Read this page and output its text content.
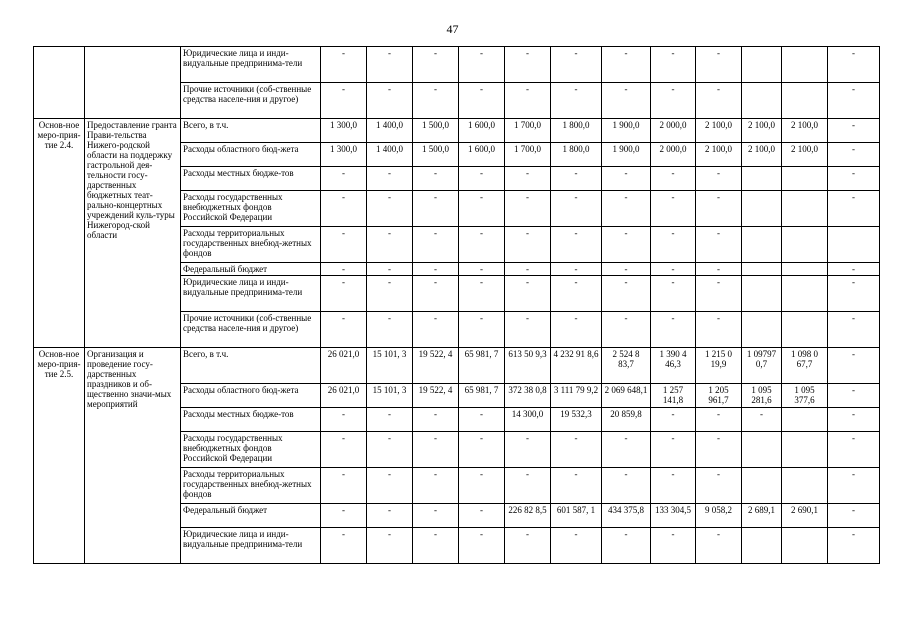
47
		Юридические лица и инди-видуальные предпринима-тели	-	-	-	-	-	-	-	-	-			-
		Прочие источники (соб-ственные средства населе-ния и другое)	-	-	-	-	-	-	-	-	-			-
Основ-ное меро-прия-тие 2.4.	Предоставление гранта Прави-тельства Нижего-родской области на поддержку гастрольной дея-тельности госу-дарственных бюджетных теат-рально-концертных учреждений куль-туры Нижегород-ской области	Всего, в т.ч.	1 300,0	1 400,0	1 500,0	1 600,0	1 700,0	1 800,0	1 900,0	2 000,0	2 100,0	2 100,0	2 100,0	-
		Расходы областного бюд-жета	1 300,0	1 400,0	1 500,0	1 600,0	1 700,0	1 800,0	1 900,0	2 000,0	2 100,0	2 100,0	2 100,0	-
		Расходы местных бюдже-тов	-	-	-	-	-	-	-	-	-			-
		Расходы государственных внебюджетных фондов Российской Федерации	-	-	-	-	-	-	-	-	-			-
		Расходы территориальных государственных внебюд-жетных фондов	-	-	-	-	-	-	-	-	-			
		Федеральный бюджет	-	-	-	-	-	-	-	-	-			-
		Юридические лица и инди-видуальные предпринима-тели	-	-	-	-	-	-	-	-	-			-
		Прочие источники (соб-ственные средства населе-ния и другое)	-	-	-	-	-	-	-	-	-			-
Основ-ное меро-прия-тие 2.5.	Организация и проведение госу-дарственных праздников и об-щественно значи-мых мероприятий	Всего, в т.ч.	26 021,0	15 101, 3	19 522, 4	65 981, 7	613 50 9,3	4 232 91 8,6	2 524 8 83,7	1 390 4 46,3	1 215 0 19,9	1 09797 0,7	1 098 0 67,7	-
		Расходы областного бюд-жета	26 021,0	15 101, 3	19 522, 4	65 981, 7	372 38 0,8	3 111 79 9,2	2 069 648,1	1 257 141,8	1 205 961,7	1 095 281,6	1 095 377,6	-
		Расходы местных бюдже-тов	-	-	-	-	14 300,0	19 532,3	20 859,8	-	-	-		-
		Расходы государственных внебюджетных фондов Российской Федерации	-	-	-	-	-	-	-	-	-			-
		Расходы территориальных государственных внебюд-жетных фондов	-	-	-	-	-	-	-	-	-			-
		Федеральный бюджет	-	-	-	-	226 82 8,5	601 587, 1	434 375,8	133 304,5	9 058,2	2 689,1	2 690,1	-
		Юридические лица и инди-видуальные предпринима-тели	-	-	-	-	-	-	-	-	-			-
